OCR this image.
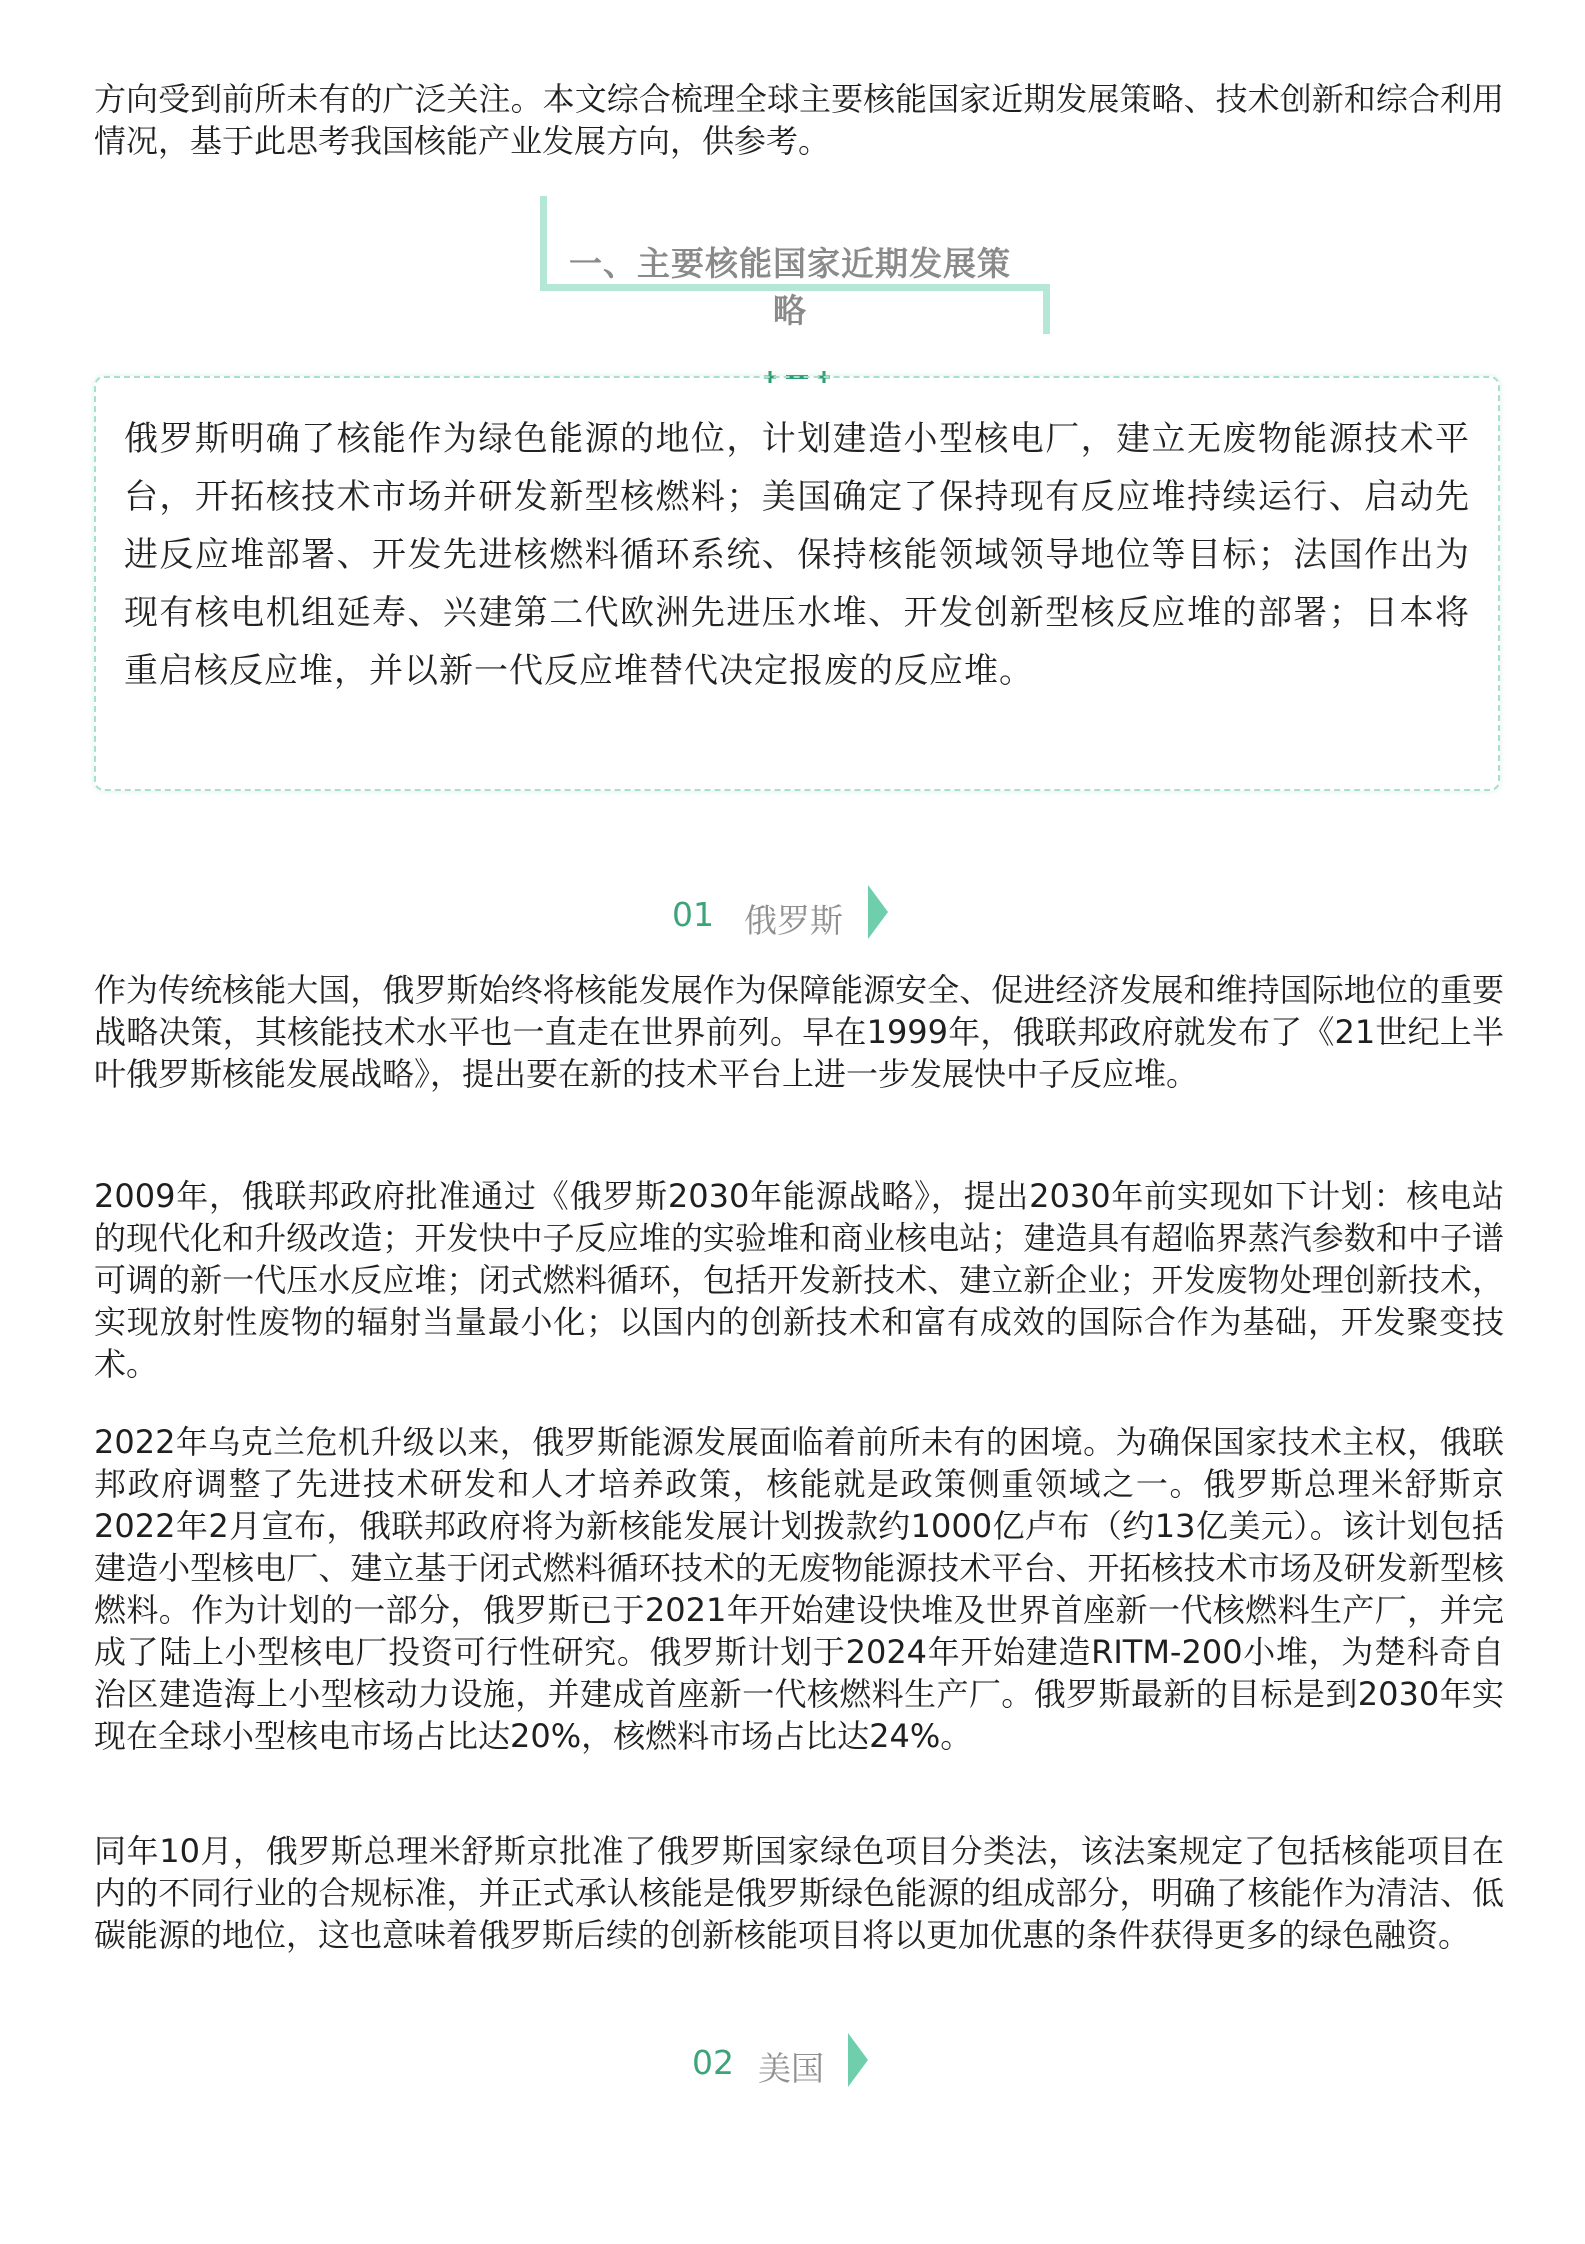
方向受到前所未有的广泛关注。本文综合梳理全球主要核能国家近期发展策略、技术创新和综合利用情况，基于此思考我国核能产业发展方向，供参考。

一、主要核能国家近期发展策略

俄罗斯明确了核能作为绿色能源的地位，计划建造小型核电厂，建立无废物能源技术平台，开拓核技术市场并研发新型核燃料；美国确定了保持现有反应堆持续运行、启动先进反应堆部署、开发先进核燃料循环系统、保持核能领域领导地位等目标；法国作出为现有核电机组延寿、兴建第二代欧洲先进压水堆、开发创新型核反应堆的部署；日本将重启核反应堆，并以新一代反应堆替代决定报废的反应堆。

01 俄罗斯

作为传统核能大国，俄罗斯始终将核能发展作为保障能源安全、促进经济发展和维持国际地位的重要战略决策，其核能技术水平也一直走在世界前列。早在1999年，俄联邦政府就发布了《21世纪上半叶俄罗斯核能发展战略》，提出要在新的技术平台上进一步发展快中子反应堆。

2009年，俄联邦政府批准通过《俄罗斯2030年能源战略》，提出2030年前实现如下计划：核电站的现代化和升级改造；开发快中子反应堆的实验堆和商业核电站；建造具有超临界蒸汽参数和中子谱可调的新一代压水反应堆；闭式燃料循环，包括开发新技术、建立新企业；开发废物处理创新技术，实现放射性废物的辐射当量最小化；以国内的创新技术和富有成效的国际合作为基础，开发聚变技术。

2022年乌克兰危机升级以来，俄罗斯能源发展面临着前所未有的困境。为确保国家技术主权，俄联邦政府调整了先进技术研发和人才培养政策，核能就是政策侧重领域之一。俄罗斯总理米舒斯京2022年2月宣布，俄联邦政府将为新核能发展计划拨款约1000亿卢布（约13亿美元）。该计划包括建造小型核电厂、建立基于闭式燃料循环技术的无废物能源技术平台、开拓核技术市场及研发新型核燃料。作为计划的一部分，俄罗斯已于2021年开始建设快堆及世界首座新一代核燃料生产厂，并完成了陆上小型核电厂投资可行性研究。俄罗斯计划于2024年开始建造RITM-200小堆，为楚科奇自治区建造海上小型核动力设施，并建成首座新一代核燃料生产厂。俄罗斯最新的目标是到2030年实现在全球小型核电市场占比达20%，核燃料市场占比达24%。

同年10月，俄罗斯总理米舒斯京批准了俄罗斯国家绿色项目分类法，该法案规定了包括核能项目在内的不同行业的合规标准，并正式承认核能是俄罗斯绿色能源的组成部分，明确了核能作为清洁、低碳能源的地位，这也意味着俄罗斯后续的创新核能项目将以更加优惠的条件获得更多的绿色融资。

02 美国
